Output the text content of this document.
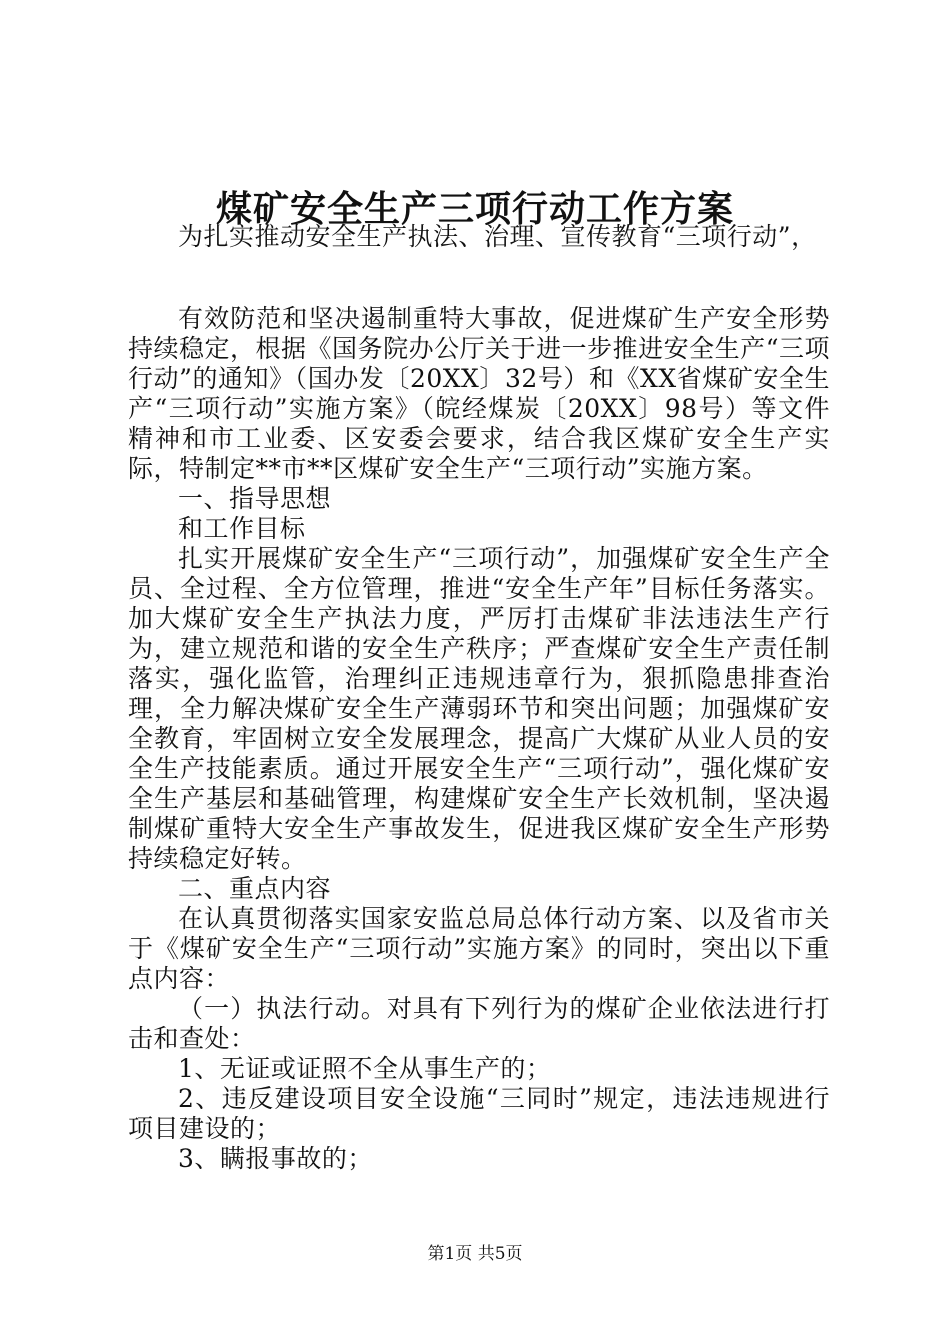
煤矿安全生产三项行动工作方案

为扎实推动安全生产执法、治理、宣传教育“三项行动”，

有效防范和坚决遏制重特大事故，促进煤矿生产安全形势持续稳定，根据《国务院办公厅关于进一步推进安全生产“三项行动”的通知》（国办发〔20XX〕32号）和《XX省煤矿安全生产“三项行动”实施方案》（皖经煤炭〔20XX〕98号）等文件精神和市工业委、区安委会要求，结合我区煤矿安全生产实际，特制定**市**区煤矿安全生产“三项行动”实施方案。

一、指导思想

和工作目标

扎实开展煤矿安全生产“三项行动”，加强煤矿安全生产全员、全过程、全方位管理，推进“安全生产年”目标任务落实。加大煤矿安全生产执法力度，严厉打击煤矿非法违法生产行为，建立规范和谐的安全生产秩序；严查煤矿安全生产责任制落实，强化监管，治理纠正违规违章行为，狠抓隐患排查治理，全力解决煤矿安全生产薄弱环节和突出问题；加强煤矿安全教育，牢固树立安全发展理念，提高广大煤矿从业人员的安全生产技能素质。通过开展安全生产“三项行动”，强化煤矿安全生产基层和基础管理，构建煤矿安全生产长效机制，坚决遏制煤矿重特大安全生产事故发生，促进我区煤矿安全生产形势持续稳定好转。

二、重点内容

在认真贯彻落实国家安监总局总体行动方案、以及省市关于《煤矿安全生产“三项行动”实施方案》的同时，突出以下重点内容：

（一）执法行动。对具有下列行为的煤矿企业依法进行打击和查处：

1、无证或证照不全从事生产的；

2、违反建设项目安全设施“三同时”规定，违法违规进行项目建设的；

3、瞒报事故的；

第1页 共5页
